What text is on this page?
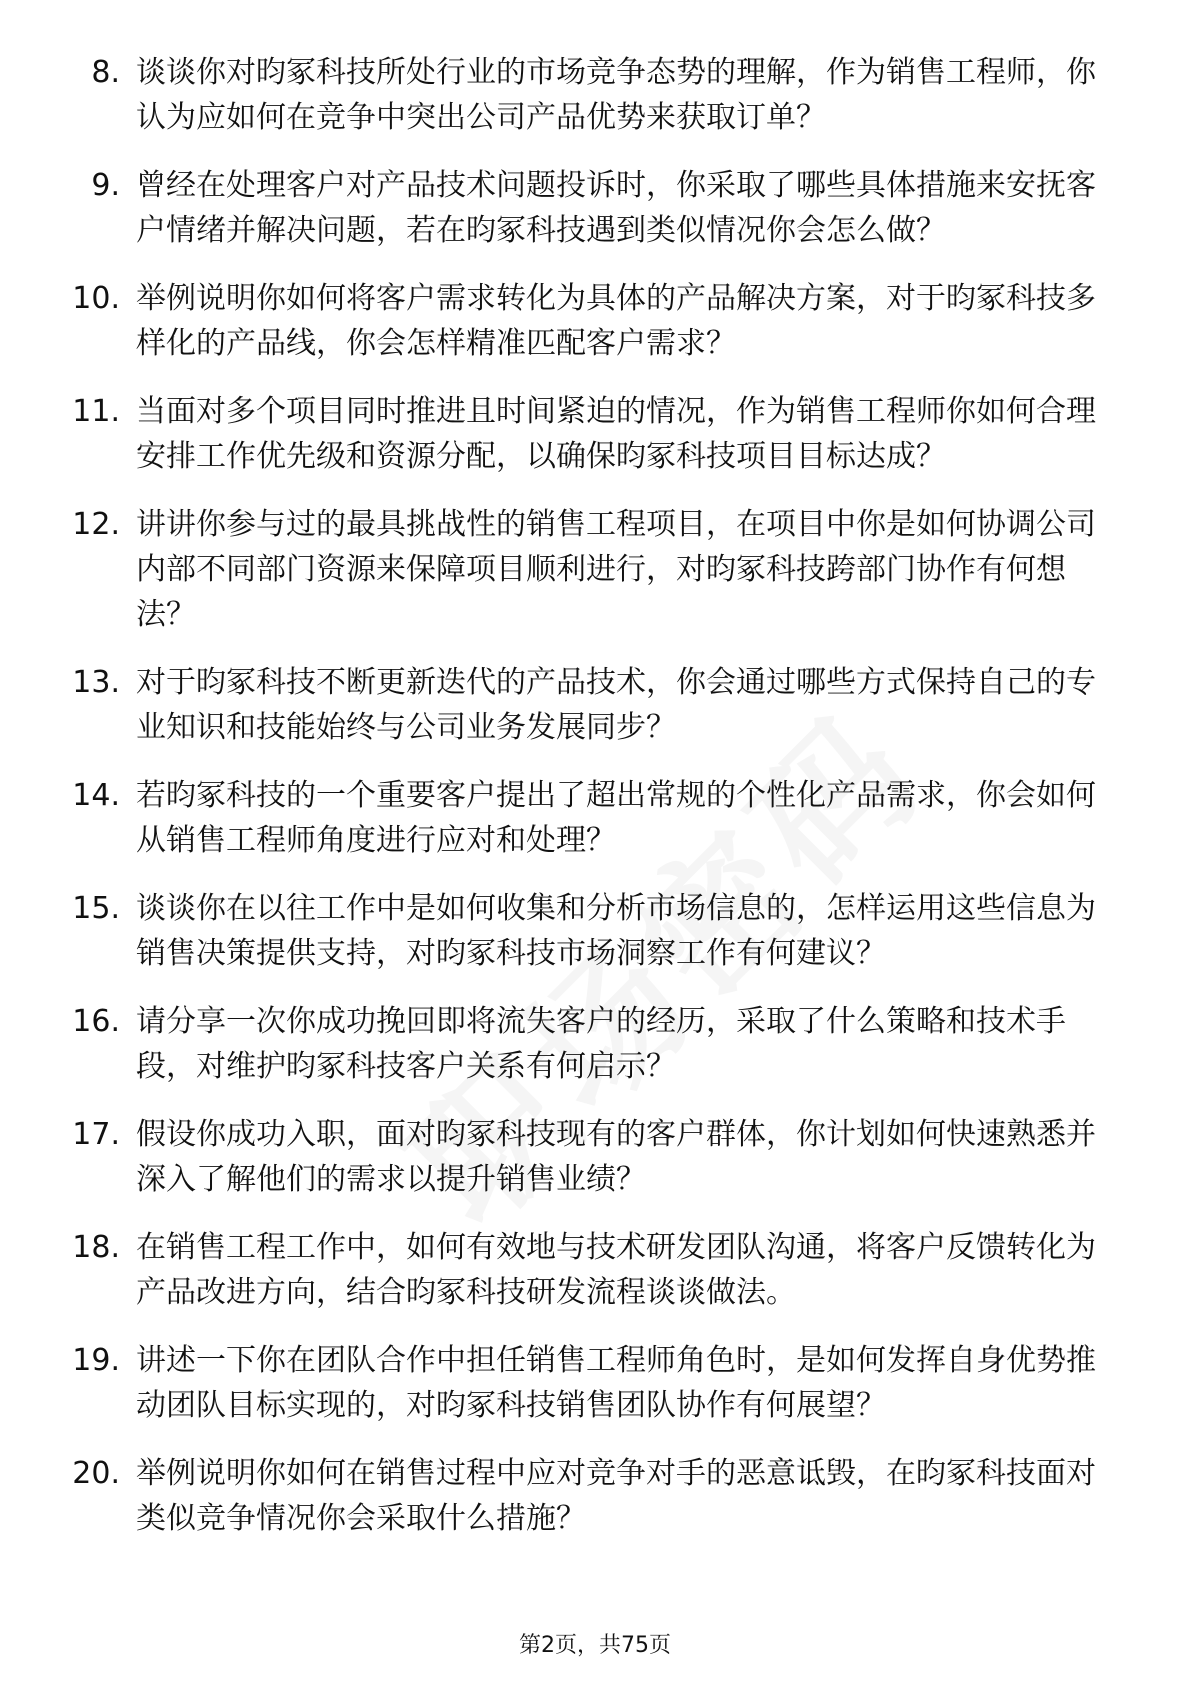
8. 谈谈你对昀冢科技所处行业的市场竞争态势的理解，作为销售工程师，你认为应如何在竞争中突出公司产品优势来获取订单？
9. 曾经在处理客户对产品技术问题投诉时，你采取了哪些具体措施来安抚客户情绪并解决问题，若在昀冢科技遇到类似情况你会怎么做？
10. 举例说明你如何将客户需求转化为具体的产品解决方案，对于昀冢科技多样化的产品线，你会怎样精准匹配客户需求？
11. 当面对多个项目同时推进且时间紧迫的情况，作为销售工程师你如何合理安排工作优先级和资源分配，以确保昀冢科技项目目标达成？
12. 讲讲你参与过的最具挑战性的销售工程项目，在项目中你是如何协调公司内部不同部门资源来保障项目顺利进行，对昀冢科技跨部门协作有何想法？
13. 对于昀冢科技不断更新迭代的产品技术，你会通过哪些方式保持自己的专业知识和技能始终与公司业务发展同步？
14. 若昀冢科技的一个重要客户提出了超出常规的个性化产品需求，你会如何从销售工程师角度进行应对和处理？
15. 谈谈你在以往工作中是如何收集和分析市场信息的，怎样运用这些信息为销售决策提供支持，对昀冢科技市场洞察工作有何建议？
16. 请分享一次你成功挽回即将流失客户的经历，采取了什么策略和技术手段，对维护昀冢科技客户关系有何启示？
17. 假设你成功入职，面对昀冢科技现有的客户群体，你计划如何快速熟悉并深入了解他们的需求以提升销售业绩？
18. 在销售工程工作中，如何有效地与技术研发团队沟通，将客户反馈转化为产品改进方向，结合昀冢科技研发流程谈谈做法。
19. 讲述一下你在团队合作中担任销售工程师角色时，是如何发挥自身优势推动团队目标实现的，对昀冢科技销售团队协作有何展望？
20. 举例说明你如何在销售过程中应对竞争对手的恶意诋毁，在昀冢科技面对类似竞争情况你会采取什么措施？
第2页，共75页
